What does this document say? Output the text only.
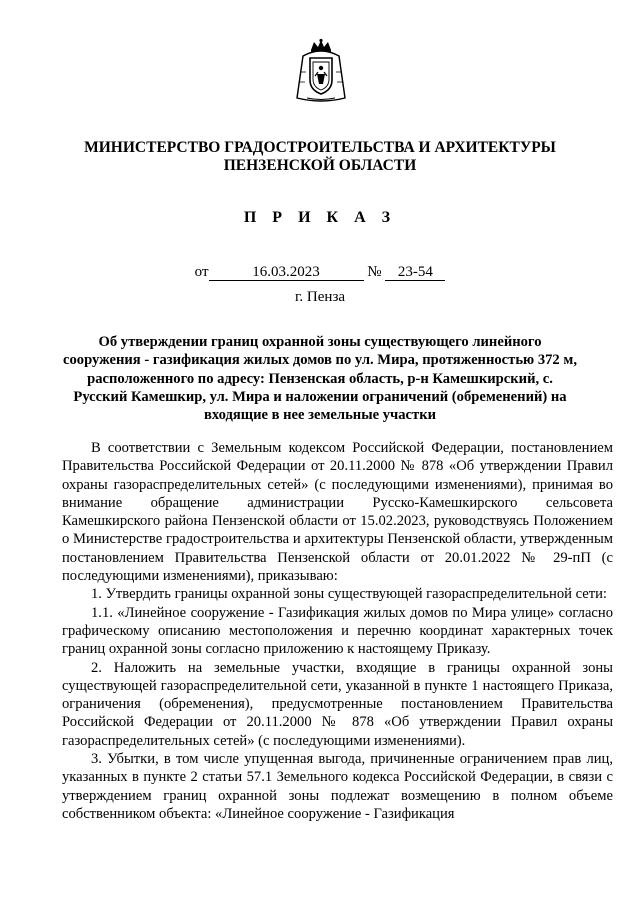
МИНИСТЕРСТВО ГРАДОСТРОИТЕЛЬСТВА И АРХИТЕКТУРЫ
ПЕНЗЕНСКОЙ ОБЛАСТИ
П Р И К А З
от	16.03.2023	№ 23-54
г. Пенза
Об утверждении границ охранной зоны существующего линейного сооружения - газификация жилых домов по ул. Мира, протяженностью 372 м, расположенного по адресу: Пензенская область, р-н Камешкирский, с. Русский Камешкир, ул. Мира и наложении ограничений (обременений) на входящие в нее земельные участки

В соответствии с Земельным кодексом Российской Федерации, постановлением Правительства Российской Федерации от 20.11.2000 № 878 «Об утверждении Правил охраны газораспределительных сетей» (с последующими изменениями), принимая во внимание обращение администрации Русско-Камешкирского сельсовета Камешкирского района Пензенской области от 15.02.2023, руководствуясь Положением о Министерстве градостроительства и архитектуры Пензенской области, утвержденным постановлением Правительства Пензенской области от 20.01.2022 № 29-пП (с последующими изменениями), приказываю:

1. Утвердить границы охранной зоны существующей газораспределительной сети:

1.1. «Линейное сооружение - Газификация жилых домов по Мира улице» согласно графическому описанию местоположения и перечню координат характерных точек границ охранной зоны согласно приложению к настоящему Приказу.

2. Наложить на земельные участки, входящие в границы охранной зоны существующей газораспределительной сети, указанной в пункте 1 настоящего Приказа, ограничения (обременения), предусмотренные постановлением Правительства Российской Федерации от 20.11.2000 № 878 «Об утверждении Правил охраны газораспределительных сетей» (с последующими изменениями).

3. Убытки, в том числе упущенная выгода, причиненные ограничением прав лиц, указанных в пункте 2 статьи 57.1 Земельного кодекса Российской Федерации, в связи с утверждением границ охранной зоны подлежат возмещению в полном объеме собственником объекта: «Линейное сооружение - Газификация
